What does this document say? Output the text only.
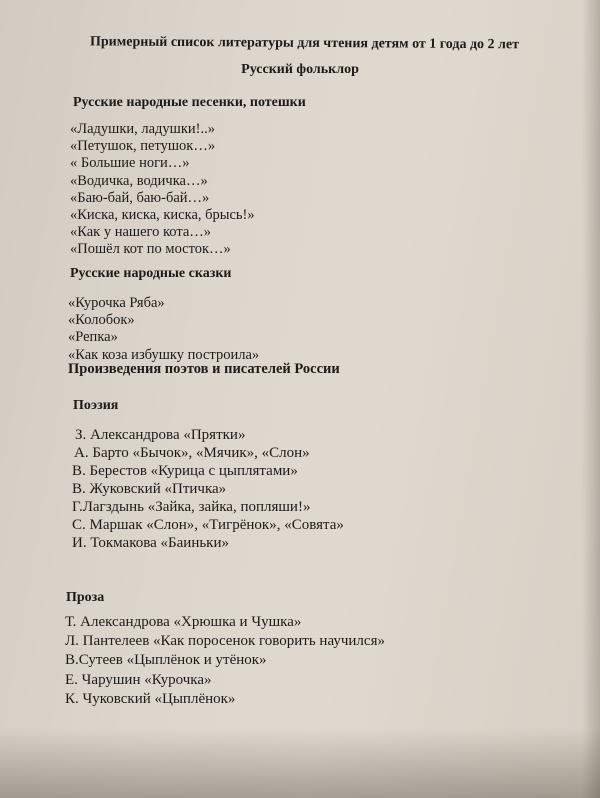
Примерный список литературы для чтения детям от 1 года до 2 лет
Русский фольклор
Русские народные песенки, потешки
«Ладушки, ладушки!..»
«Петушок, петушок…»
« Большие ноги…»
«Водичка, водичка…»
«Баю-бай, баю-бай…»
«Киска, киска, киска, брысь!»
«Как у нашего кота…»
«Пошёл кот по мосток…»
Русские народные сказки
«Курочка Ряба»
«Колобок»
«Репка»
«Как коза избушку построила»
Произведения поэтов и писателей России
Поэзия
З. Александрова «Прятки»
А. Барто «Бычок», «Мячик», «Слон»
В. Берестов «Курица с цыплятами»
В. Жуковский «Птичка»
Г.Лагздынь «Зайка, зайка, попляши!»
С. Маршак «Слон», «Тигрёнок», «Совята»
И. Токмакова «Баиньки»
Проза
Т. Александрова «Хрюшка и Чушка»
Л. Пантелеев «Как поросенок говорить научился»
В.Сутеев «Цыплёнок и утёнок»
Е. Чарушин «Курочка»
К. Чуковский «Цыплёнок»
